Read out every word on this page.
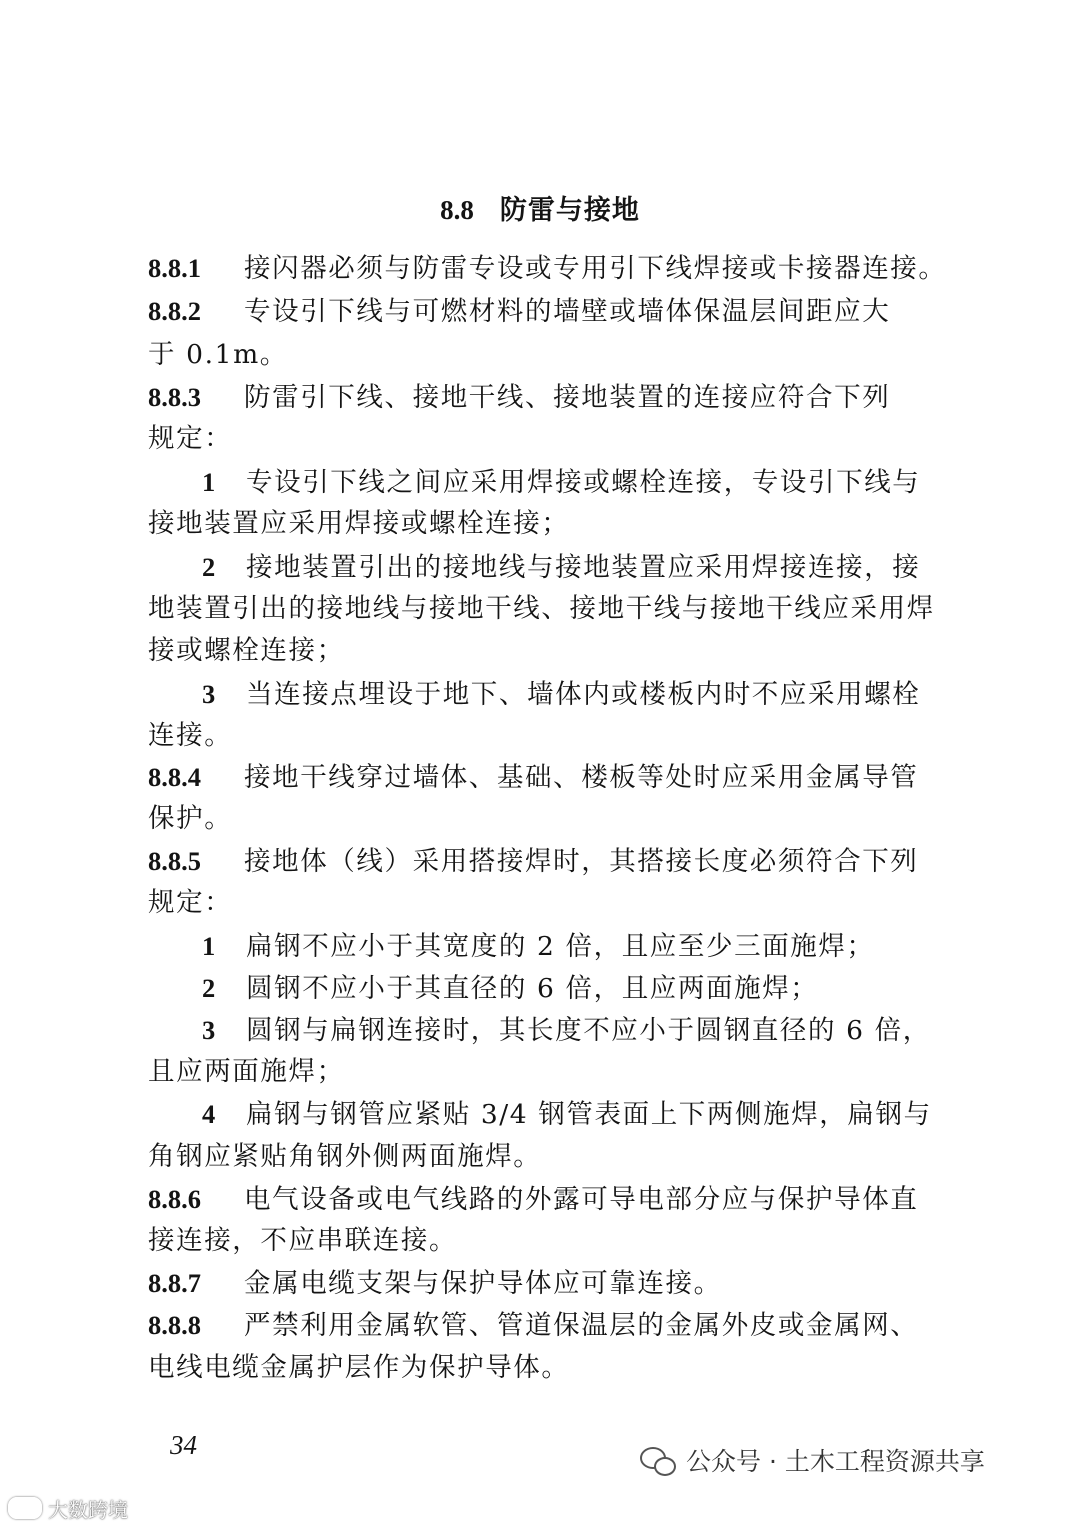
8.8 防雷与接地
8.8.1 接闪器必须与防雷专设或专用引下线焊接或卡接器连接。
8.8.2 专设引下线与可燃材料的墙壁或墙体保温层间距应大
于 0.1m。
8.8.3 防雷引下线、接地干线、接地装置的连接应符合下列
规定：
1 专设引下线之间应采用焊接或螺栓连接，专设引下线与
接地装置应采用焊接或螺栓连接；
2 接地装置引出的接地线与接地装置应采用焊接连接，接
地装置引出的接地线与接地干线、接地干线与接地干线应采用焊
接或螺栓连接；
3 当连接点埋设于地下、墙体内或楼板内时不应采用螺栓
连接。
8.8.4 接地干线穿过墙体、基础、楼板等处时应采用金属导管
保护。
8.8.5 接地体（线）采用搭接焊时，其搭接长度必须符合下列
规定：
1 扁钢不应小于其宽度的 2 倍，且应至少三面施焊；
2 圆钢不应小于其直径的 6 倍，且应两面施焊；
3 圆钢与扁钢连接时，其长度不应小于圆钢直径的 6 倍，
且应两面施焊；
4 扁钢与钢管应紧贴 3/4 钢管表面上下两侧施焊，扁钢与
角钢应紧贴角钢外侧两面施焊。
8.8.6 电气设备或电气线路的外露可导电部分应与保护导体直
接连接，不应串联连接。
8.8.7 金属电缆支架与保护导体应可靠连接。
8.8.8 严禁利用金属软管、管道保温层的金属外皮或金属网、
电线电缆金属护层作为保护导体。
34
公众号 · 土木工程资源共享
大数跨境
